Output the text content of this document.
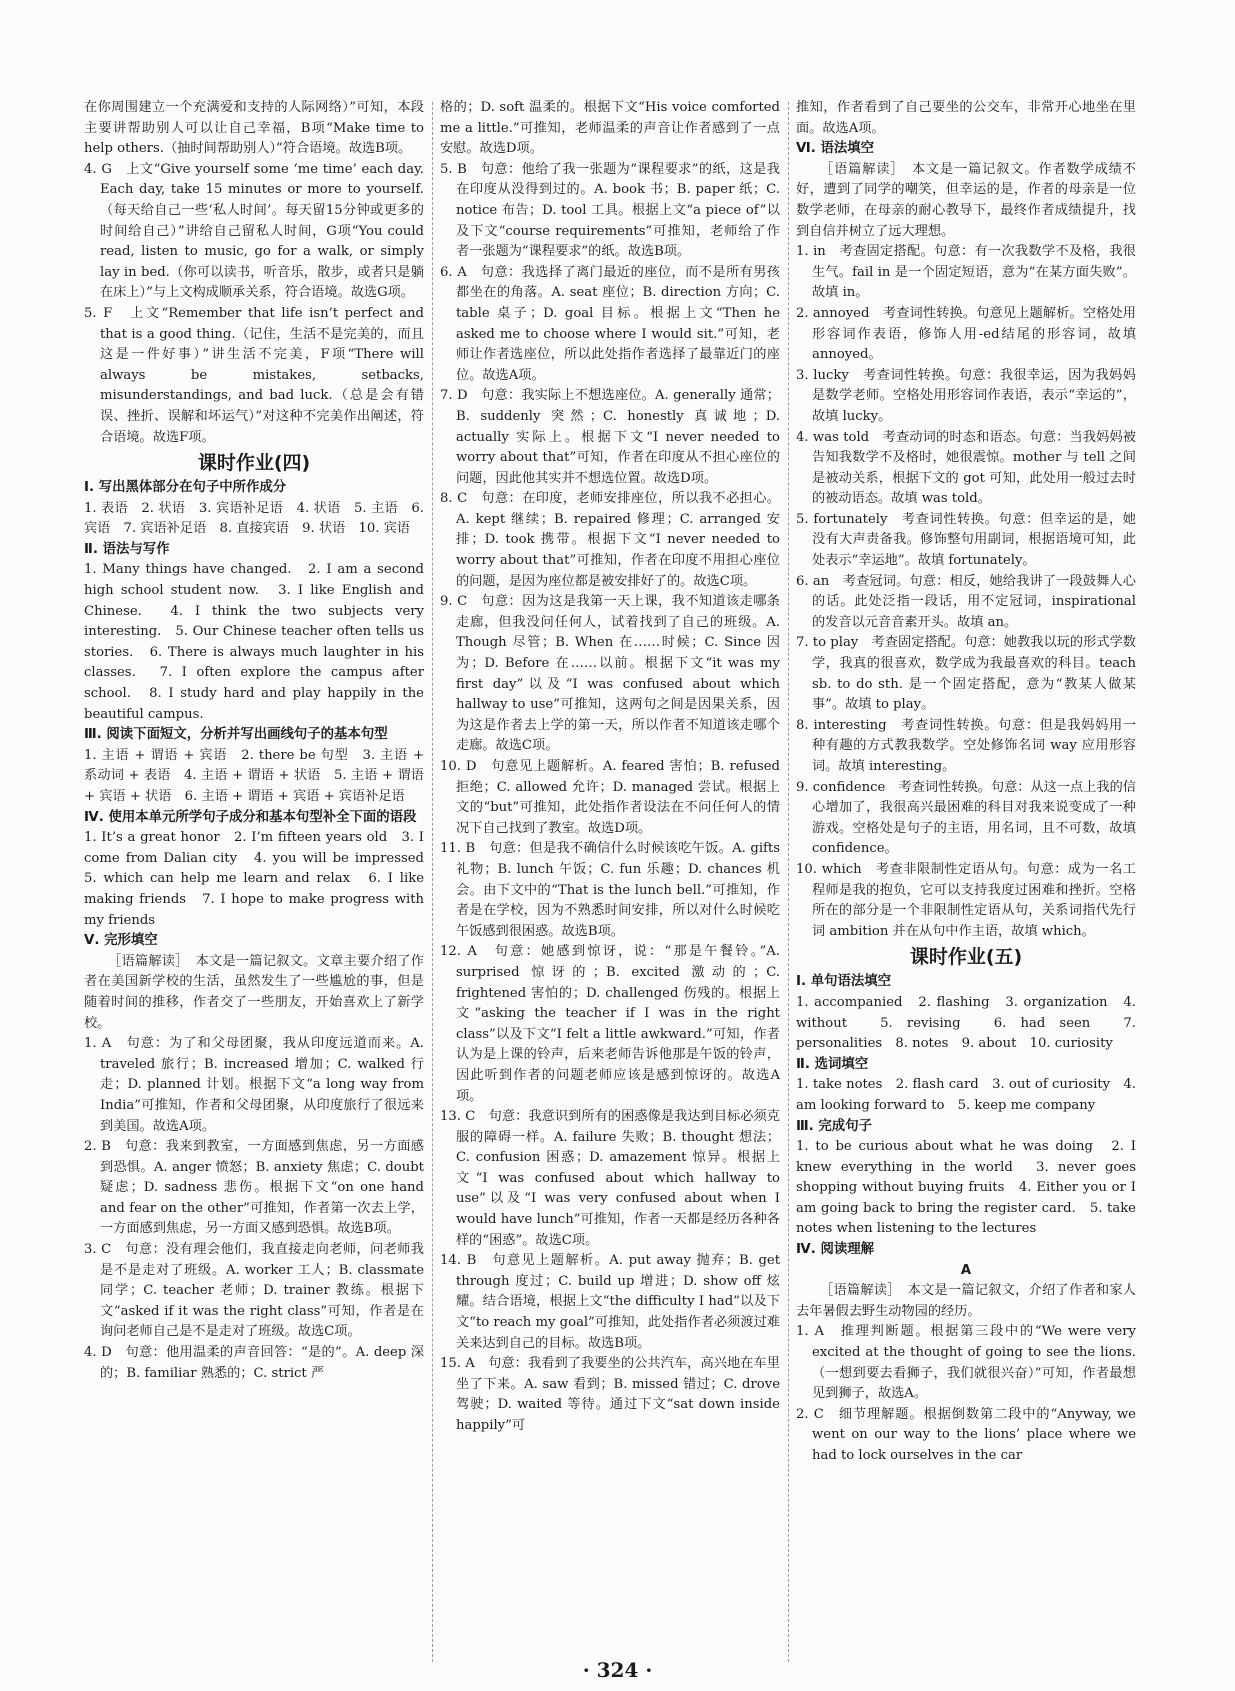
在你周围建立一个充满爱和支持的人际网络）”可知，本段主要讲帮助别人可以让自己幸福，B项“Make time to help others.（抽时间帮助别人）”符合语境。故选B项。

4. G　上文“Give yourself some ‘me time’ each day. Each day, take 15 minutes or more to yourself.（每天给自己一些‘私人时间’。每天留15分钟或更多的时间给自己）”讲给自己留私人时间，G项“You could read, listen to music, go for a walk, or simply lay in bed.（你可以读书，听音乐，散步，或者只是躺在床上）”与上文构成顺承关系，符合语境。故选G项。

5. F　上文“Remember that life isn’t perfect and that is a good thing.（记住，生活不是完美的，而且这是一件好事）”讲生活不完美，F项“There will always be mistakes, setbacks, misunderstandings, and bad luck.（总是会有错误、挫折、误解和坏运气）”对这种不完美作出阐述，符合语境。故选F项。

课时作业(四)

Ⅰ. 写出黑体部分在句子中所作成分

1. 表语　2. 状语　3. 宾语补足语　4. 状语　5. 主语　6. 宾语　7. 宾语补足语　8. 直接宾语　9. 状语　10. 宾语

Ⅱ. 语法与写作

1. Many things have changed.　2. I am a second high school student now.　3. I like English and Chinese.　4. I think the two subjects very interesting.　5. Our Chinese teacher often tells us stories.　6. There is always much laughter in his classes.　7. I often explore the campus after school.　8. I study hard and play happily in the beautiful campus.

Ⅲ. 阅读下面短文，分析并写出画线句子的基本句型

1. 主语 + 谓语 + 宾语　2. there be 句型　3. 主语 + 系动词 + 表语　4. 主语 + 谓语 + 状语　5. 主语 + 谓语 + 宾语 + 状语　6. 主语 + 谓语 + 宾语 + 宾语补足语

Ⅳ. 使用本单元所学句子成分和基本句型补全下面的语段

1. It’s a great honor　2. I’m fifteen years old　3. I come from Dalian city　4. you will be impressed　5. which can help me learn and relax　6. I like making friends　7. I hope to make progress with my friends

Ⅴ. 完形填空

［语篇解读］　本文是一篇记叙文。文章主要介绍了作者在美国新学校的生活，虽然发生了一些尴尬的事，但是随着时间的推移，作者交了一些朋友，开始喜欢上了新学校。

1. A　句意：为了和父母团聚，我从印度远道而来。A. traveled 旅行；B. increased 增加；C. walked 行走；D. planned 计划。根据下文“a long way from India”可推知，作者和父母团聚，从印度旅行了很远来到美国。故选A项。

2. B　句意：我来到教室，一方面感到焦虑，另一方面感到恐惧。A. anger 愤怒；B. anxiety 焦虑；C. doubt 疑虑；D. sadness 悲伤。根据下文“on one hand and fear on the other”可推知，作者第一次去上学，一方面感到焦虑，另一方面又感到恐惧。故选B项。

3. C　句意：没有理会他们，我直接走向老师，问老师我是不是走对了班级。A. worker 工人；B. classmate 同学；C. teacher 老师；D. trainer 教练。根据下文“asked if it was the right class”可知，作者是在询问老师自己是不是走对了班级。故选C项。

4. D　句意：他用温柔的声音回答：“是的”。A. deep 深的；B. familiar 熟悉的；C. strict 严

格的；D. soft 温柔的。根据下文“His voice comforted me a little.”可推知，老师温柔的声音让作者感到了一点安慰。故选D项。

5. B　句意：他给了我一张题为“课程要求”的纸，这是我在印度从没得到过的。A. book 书；B. paper 纸；C. notice 布告；D. tool 工具。根据上文“a piece of”以及下文“course requirements”可推知，老师给了作者一张题为“课程要求”的纸。故选B项。

6. A　句意：我选择了离门最近的座位，而不是所有男孩都坐在的角落。A. seat 座位；B. direction 方向；C. table 桌子；D. goal 目标。根据上文“Then he asked me to choose where I would sit.”可知，老师让作者选座位，所以此处指作者选择了最靠近门的座位。故选A项。

7. D　句意：我实际上不想选座位。A. generally 通常；B. suddenly 突然；C. honestly 真诚地；D. actually 实际上。根据下文“I never needed to worry about that”可知，作者在印度从不担心座位的问题，因此他其实并不想选位置。故选D项。

8. C　句意：在印度，老师安排座位，所以我不必担心。A. kept 继续；B. repaired 修理；C. arranged 安排；D. took 携带。根据下文“I never needed to worry about that”可推知，作者在印度不用担心座位的问题，是因为座位都是被安排好了的。故选C项。

9. C　句意：因为这是我第一天上课，我不知道该走哪条走廊，但我没问任何人，试着找到了自己的班级。A. Though 尽管；B. When 在……时候；C. Since 因为；D. Before 在……以前。根据下文“it was my first day”以及“I was confused about which hallway to use”可推知，这两句之间是因果关系，因为这是作者去上学的第一天，所以作者不知道该走哪个走廊。故选C项。

10. D　句意见上题解析。A. feared 害怕；B. refused 拒绝；C. allowed 允许；D. managed 尝试。根据上文的“but”可推知，此处指作者设法在不问任何人的情况下自己找到了教室。故选D项。

11. B　句意：但是我不确信什么时候该吃午饭。A. gifts 礼物；B. lunch 午饭；C. fun 乐趣；D. chances 机会。由下文中的“That is the lunch bell.”可推知，作者是在学校，因为不熟悉时间安排，所以对什么时候吃午饭感到很困惑。故选B项。

12. A　句意：她感到惊讶，说：“那是午餐铃。”A. surprised 惊讶的；B. excited 激动的；C. frightened 害怕的；D. challenged 伤残的。根据上文“asking the teacher if I was in the right class”以及下文“I felt a little awkward.”可知，作者认为是上课的铃声，后来老师告诉他那是午饭的铃声，因此听到作者的问题老师应该是感到惊讶的。故选A项。

13. C　句意：我意识到所有的困惑像是我达到目标必须克服的障碍一样。A. failure 失败；B. thought 想法；C. confusion 困惑；D. amazement 惊异。根据上文“I was confused about which hallway to use”以及“I was very confused about when I would have lunch”可推知，作者一天都是经历各种各样的“困惑”。故选C项。

14. B　句意见上题解析。A. put away 抛弃；B. get through 度过；C. build up 增进；D. show off 炫耀。结合语境，根据上文“the difficulty I had”以及下文“to reach my goal”可推知，此处指作者必须渡过难关来达到自己的目标。故选B项。

15. A　句意：我看到了我要坐的公共汽车，高兴地在车里坐了下来。A. saw 看到；B. missed 错过；C. drove 驾驶；D. waited 等待。通过下文“sat down inside happily”可

推知，作者看到了自己要坐的公交车，非常开心地坐在里面。故选A项。

Ⅵ. 语法填空

［语篇解读］　本文是一篇记叙文。作者数学成绩不好，遭到了同学的嘲笑，但幸运的是，作者的母亲是一位数学老师，在母亲的耐心教导下，最终作者成绩提升，找到自信并树立了远大理想。

1. in　考查固定搭配。句意：有一次我数学不及格，我很生气。fail in 是一个固定短语，意为“在某方面失败”。故填 in。

2. annoyed　考查词性转换。句意见上题解析。空格处用形容词作表语，修饰人用-ed结尾的形容词，故填 annoyed。

3. lucky　考查词性转换。句意：我很幸运，因为我妈妈是数学老师。空格处用形容词作表语，表示“幸运的”，故填 lucky。

4. was told　考查动词的时态和语态。句意：当我妈妈被告知我数学不及格时，她很震惊。mother 与 tell 之间是被动关系，根据下文的 got 可知，此处用一般过去时的被动语态。故填 was told。

5. fortunately　考查词性转换。句意：但幸运的是，她没有大声责备我。修饰整句用副词，根据语境可知，此处表示“幸运地”。故填 fortunately。

6. an　考查冠词。句意：相反，她给我讲了一段鼓舞人心的话。此处泛指一段话，用不定冠词，inspirational 的发音以元音音素开头。故填 an。

7. to play　考查固定搭配。句意：她教我以玩的形式学数学，我真的很喜欢，数学成为我最喜欢的科目。teach sb. to do sth. 是一个固定搭配，意为“教某人做某事”。故填 to play。

8. interesting　考查词性转换。句意：但是我妈妈用一种有趣的方式教我数学。空处修饰名词 way 应用形容词。故填 interesting。

9. confidence　考查词性转换。句意：从这一点上我的信心增加了，我很高兴最困难的科目对我来说变成了一种游戏。空格处是句子的主语，用名词，且不可数，故填 confidence。

10. which　考查非限制性定语从句。句意：成为一名工程师是我的抱负，它可以支持我度过困难和挫折。空格所在的部分是一个非限制性定语从句，关系词指代先行词 ambition 并在从句中作主语，故填 which。

课时作业(五)

Ⅰ. 单句语法填空

1. accompanied　2. flashing　3. organization　4. without　5. revising　6. had seen　7. personalities　8. notes　9. about　10. curiosity

Ⅱ. 选词填空

1. take notes　2. flash card　3. out of curiosity　4. am looking forward to　5. keep me company

Ⅲ. 完成句子

1. to be curious about what he was doing　2. I knew everything in the world　3. never goes shopping without buying fruits　4. Either you or I am going back to bring the register card.　5. take notes when listening to the lectures

Ⅳ. 阅读理解

A

［语篇解读］　本文是一篇记叙文，介绍了作者和家人去年暑假去野生动物园的经历。

1. A　推理判断题。根据第三段中的“We were very excited at the thought of going to see the lions.（一想到要去看狮子，我们就很兴奋）”可知，作者最想见到狮子，故选A。

2. C　细节理解题。根据倒数第二段中的“Anyway, we went on our way to the lions’ place where we had to lock ourselves in the car

· 324 ·
